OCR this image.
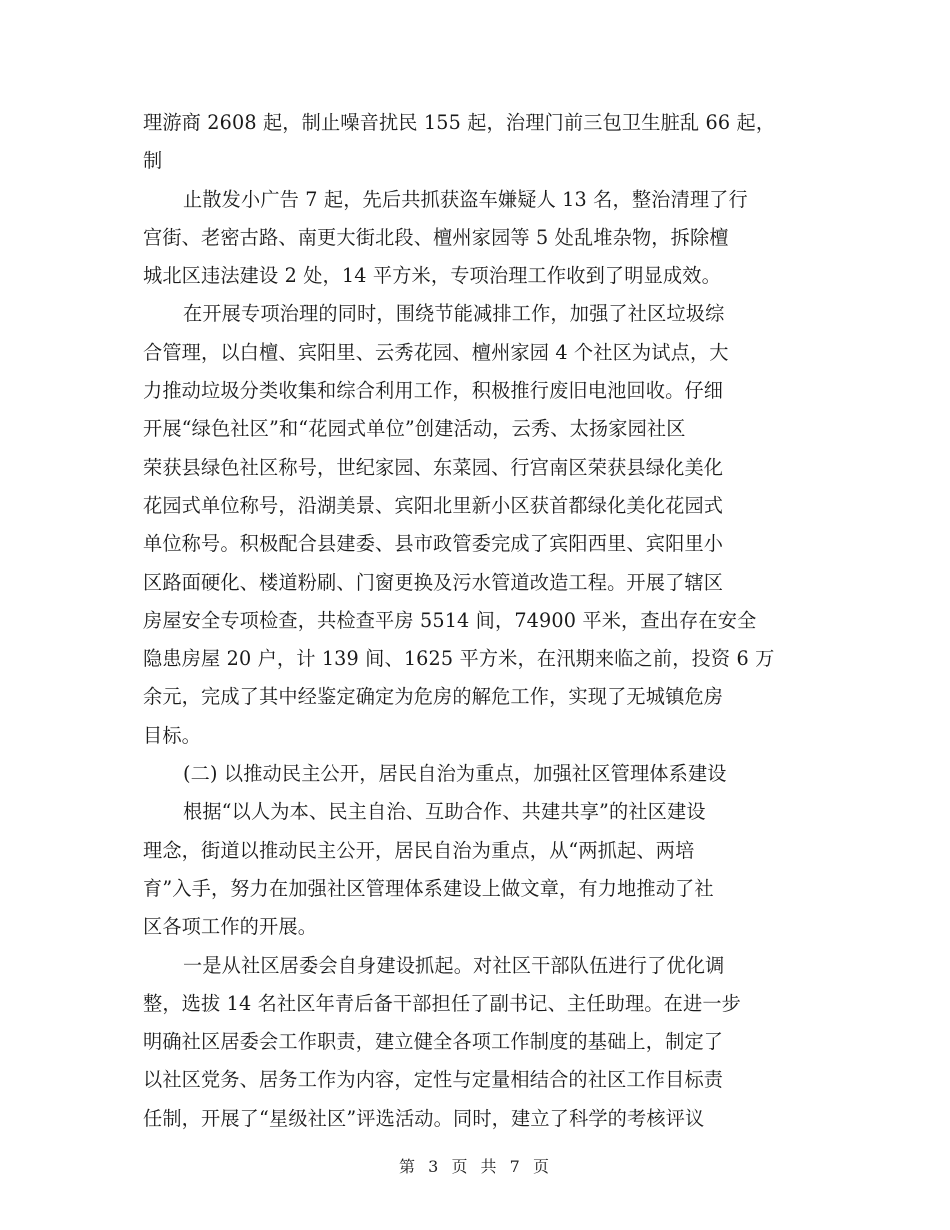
理游商 2608 起，制止噪音扰民 155 起，治理门前三包卫生脏乱 66 起，
制
止散发小广告 7 起，先后共抓获盗车嫌疑人 13 名，整治清理了行
宫街、老密古路、南更大街北段、檀州家园等 5 处乱堆杂物，拆除檀
城北区违法建设 2 处，14 平方米，专项治理工作收到了明显成效。
在开展专项治理的同时，围绕节能减排工作，加强了社区垃圾综
合管理，以白檀、宾阳里、云秀花园、檀州家园 4 个社区为试点，大
力推动垃圾分类收集和综合利用工作，积极推行废旧电池回收。仔细
开展“绿色社区”和“花园式单位”创建活动，云秀、太扬家园社区
荣获县绿色社区称号，世纪家园、东菜园、行宫南区荣获县绿化美化
花园式单位称号，沿湖美景、宾阳北里新小区获首都绿化美化花园式
单位称号。积极配合县建委、县市政管委完成了宾阳西里、宾阳里小
区路面硬化、楼道粉刷、门窗更换及污水管道改造工程。开展了辖区
房屋安全专项检查，共检查平房 5514 间，74900 平米，查出存在安全
隐患房屋 20 户，计 139 间、1625 平方米，在汛期来临之前，投资 6 万
余元，完成了其中经鉴定确定为危房的解危工作，实现了无城镇危房
目标。
(二) 以推动民主公开，居民自治为重点，加强社区管理体系建设
根据“以人为本、民主自治、互助合作、共建共享”的社区建设
理念，街道以推动民主公开，居民自治为重点，从“两抓起、两培
育”入手，努力在加强社区管理体系建设上做文章，有力地推动了社
区各项工作的开展。
一是从社区居委会自身建设抓起。对社区干部队伍进行了优化调
整，选拔 14 名社区年青后备干部担任了副书记、主任助理。在进一步
明确社区居委会工作职责，建立健全各项工作制度的基础上，制定了
以社区党务、居务工作为内容，定性与定量相结合的社区工作目标责
任制，开展了“星级社区”评选活动。同时，建立了科学的考核评议
第 3 页 共 7 页
